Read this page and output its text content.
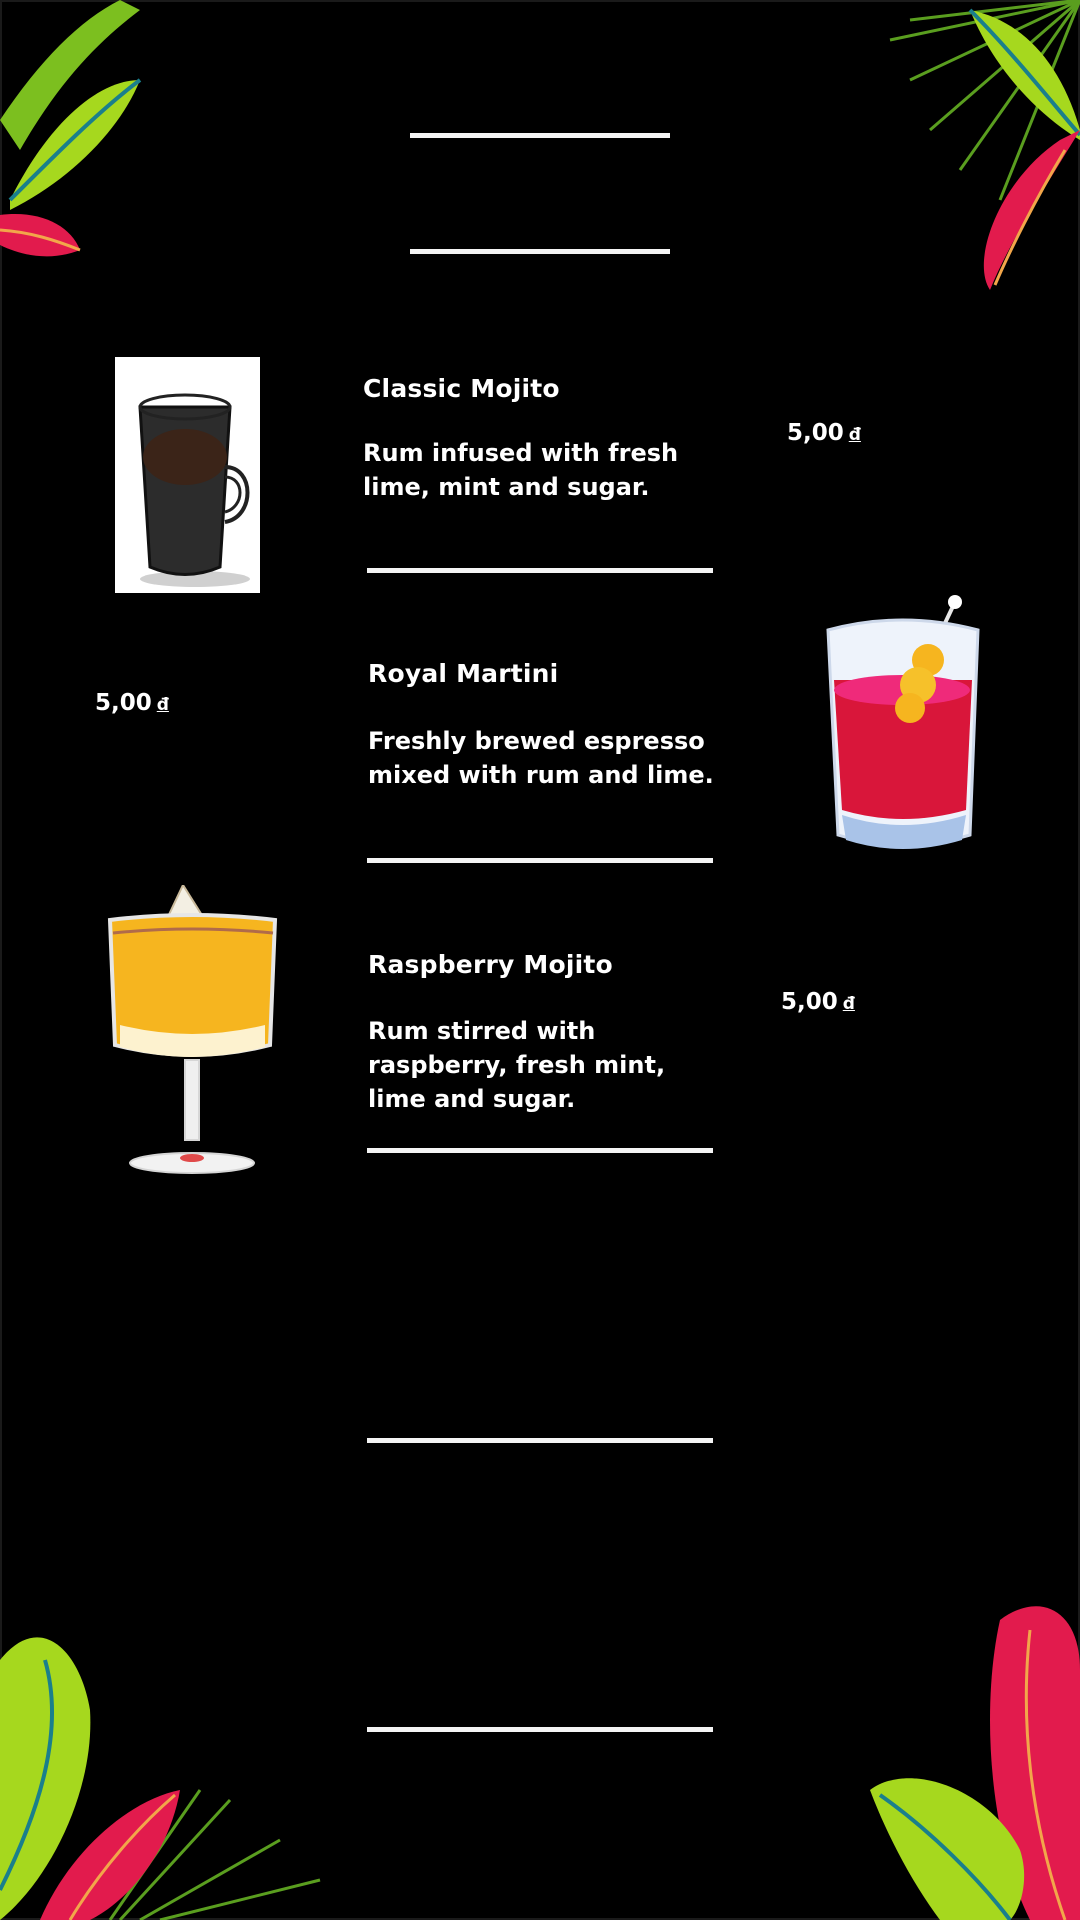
Classic Mojito
Rum infused with fresh lime, mint and sugar.
5,00 đ
5,00 đ
Royal Martini
Freshly brewed espresso mixed with rum and lime.
Raspberry Mojito
Rum stirred with raspberry, fresh mint, lime and sugar.
5,00 đ
